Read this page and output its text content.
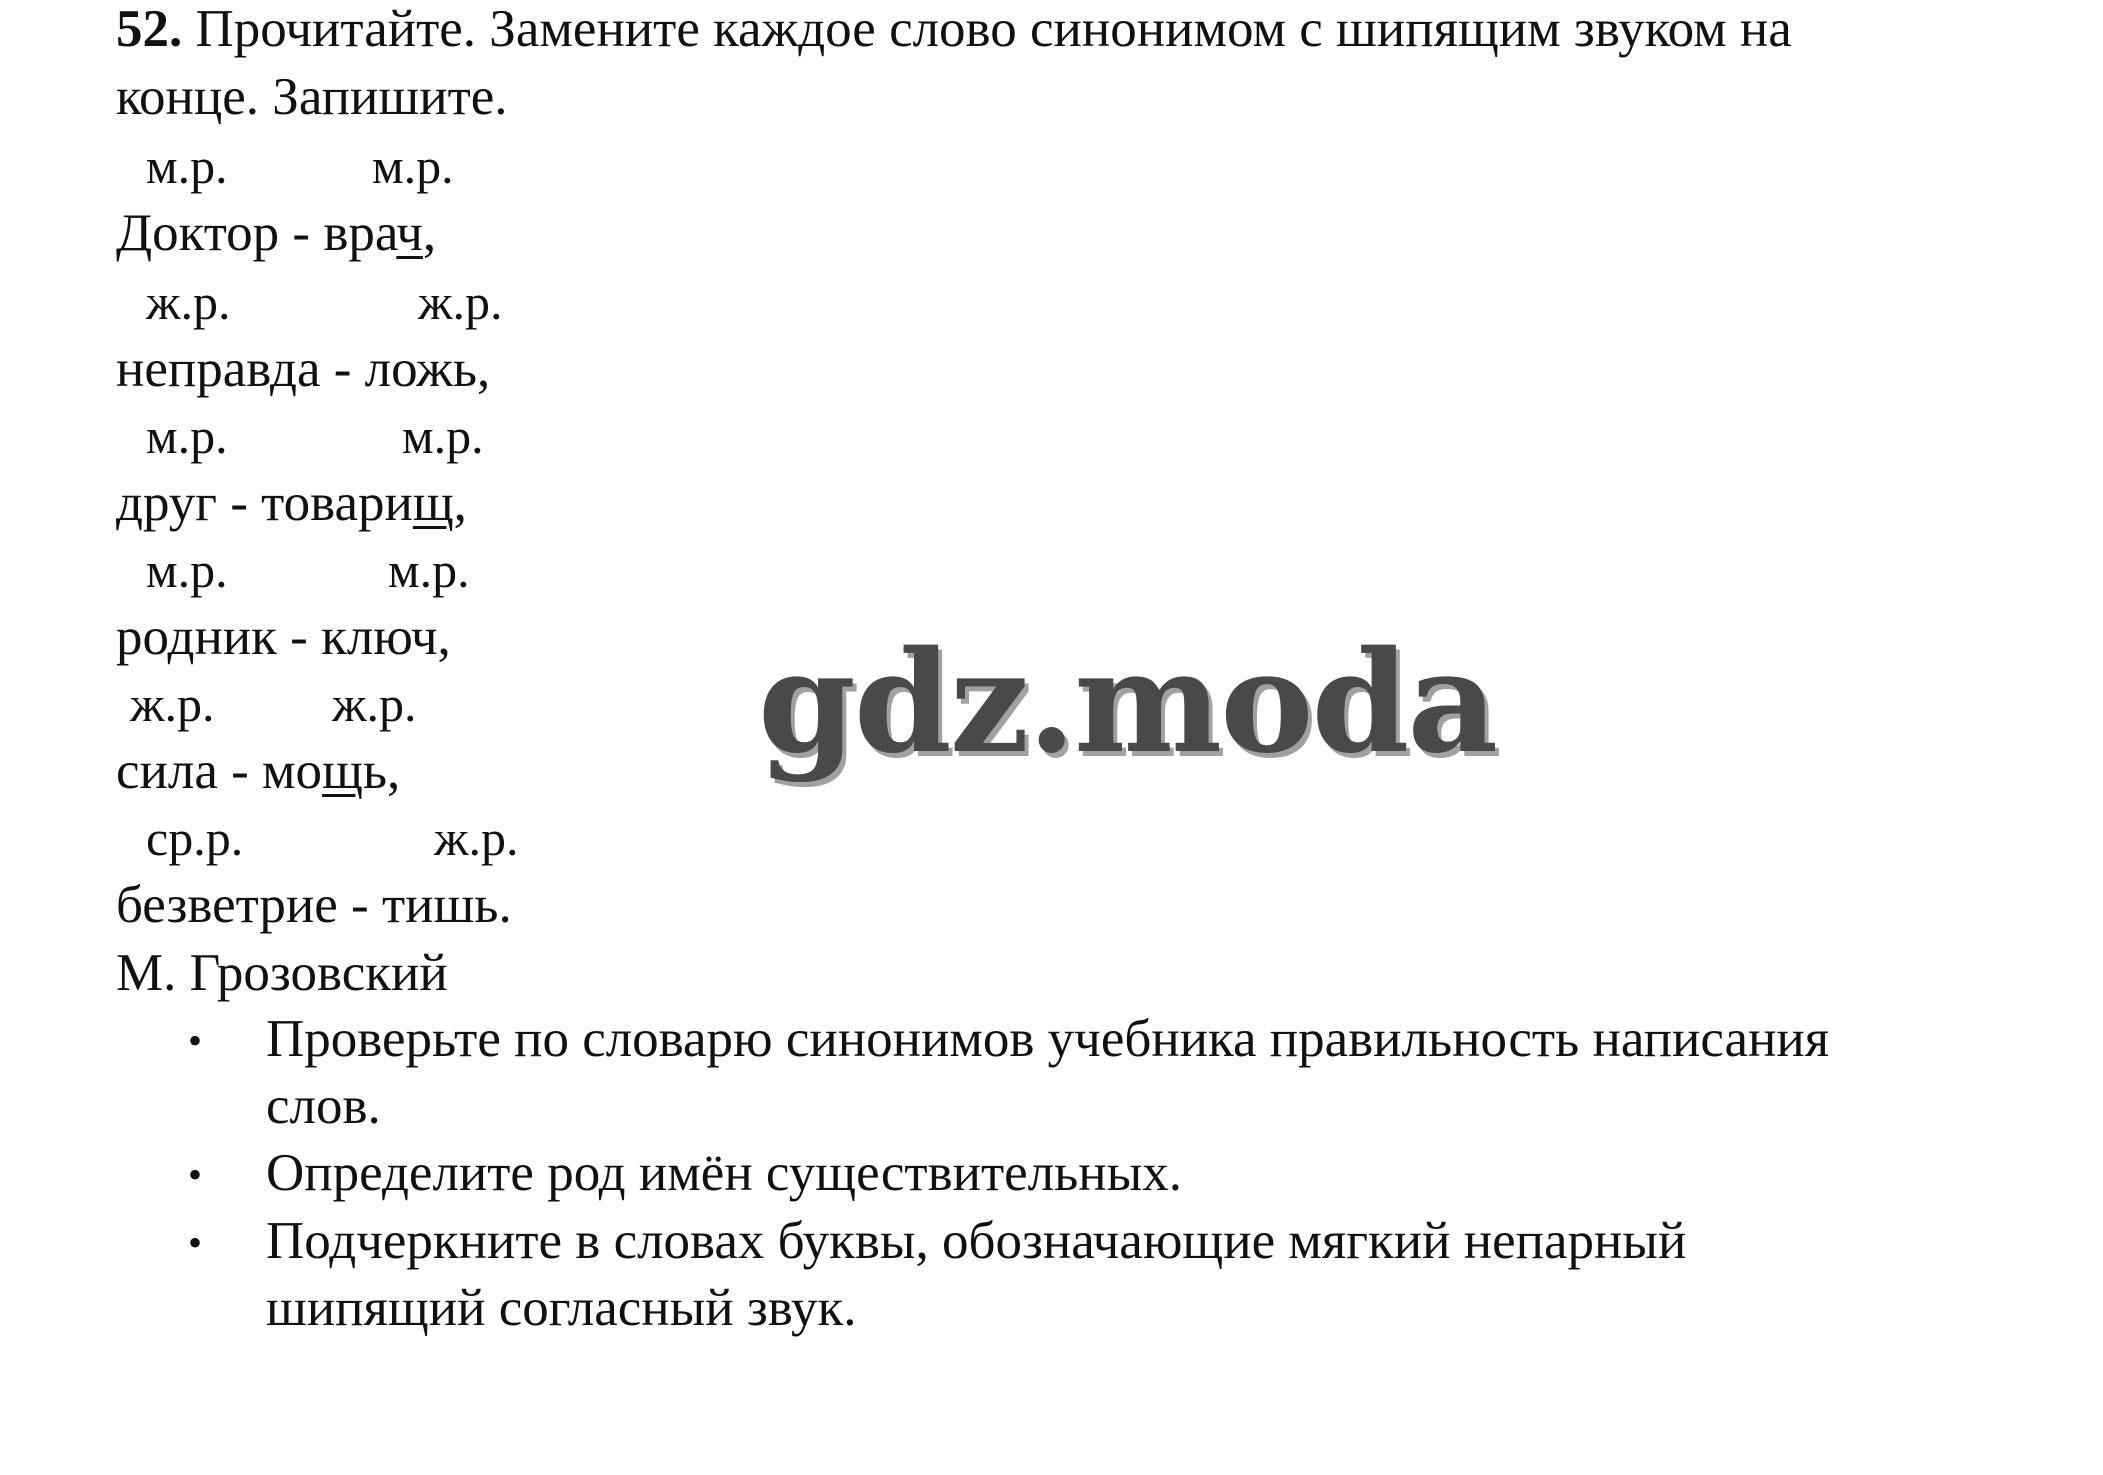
52. Прочитайте. Замените каждое слово синонимом с шипящим звуком на
конце. Запишите.
м.р.	м.р.
Доктор - врач,
ж.р.	ж.р.
неправда - ложь,
м.р.	м.р.
друг - товарищ,
м.р.	м.р.
родник - ключ,
ж.р. ж.р.
сила - мощь,
ср.р.	ж.р.
безветрие - тишь.
М. Грозовский
• Проверьте по словарю синонимов учебника правильность написания
слов.
• Определите род имён существительных.
• Подчеркните в словах буквы, обозначающие мягкий непарный
шипящий согласный звук.
gdz.moda
